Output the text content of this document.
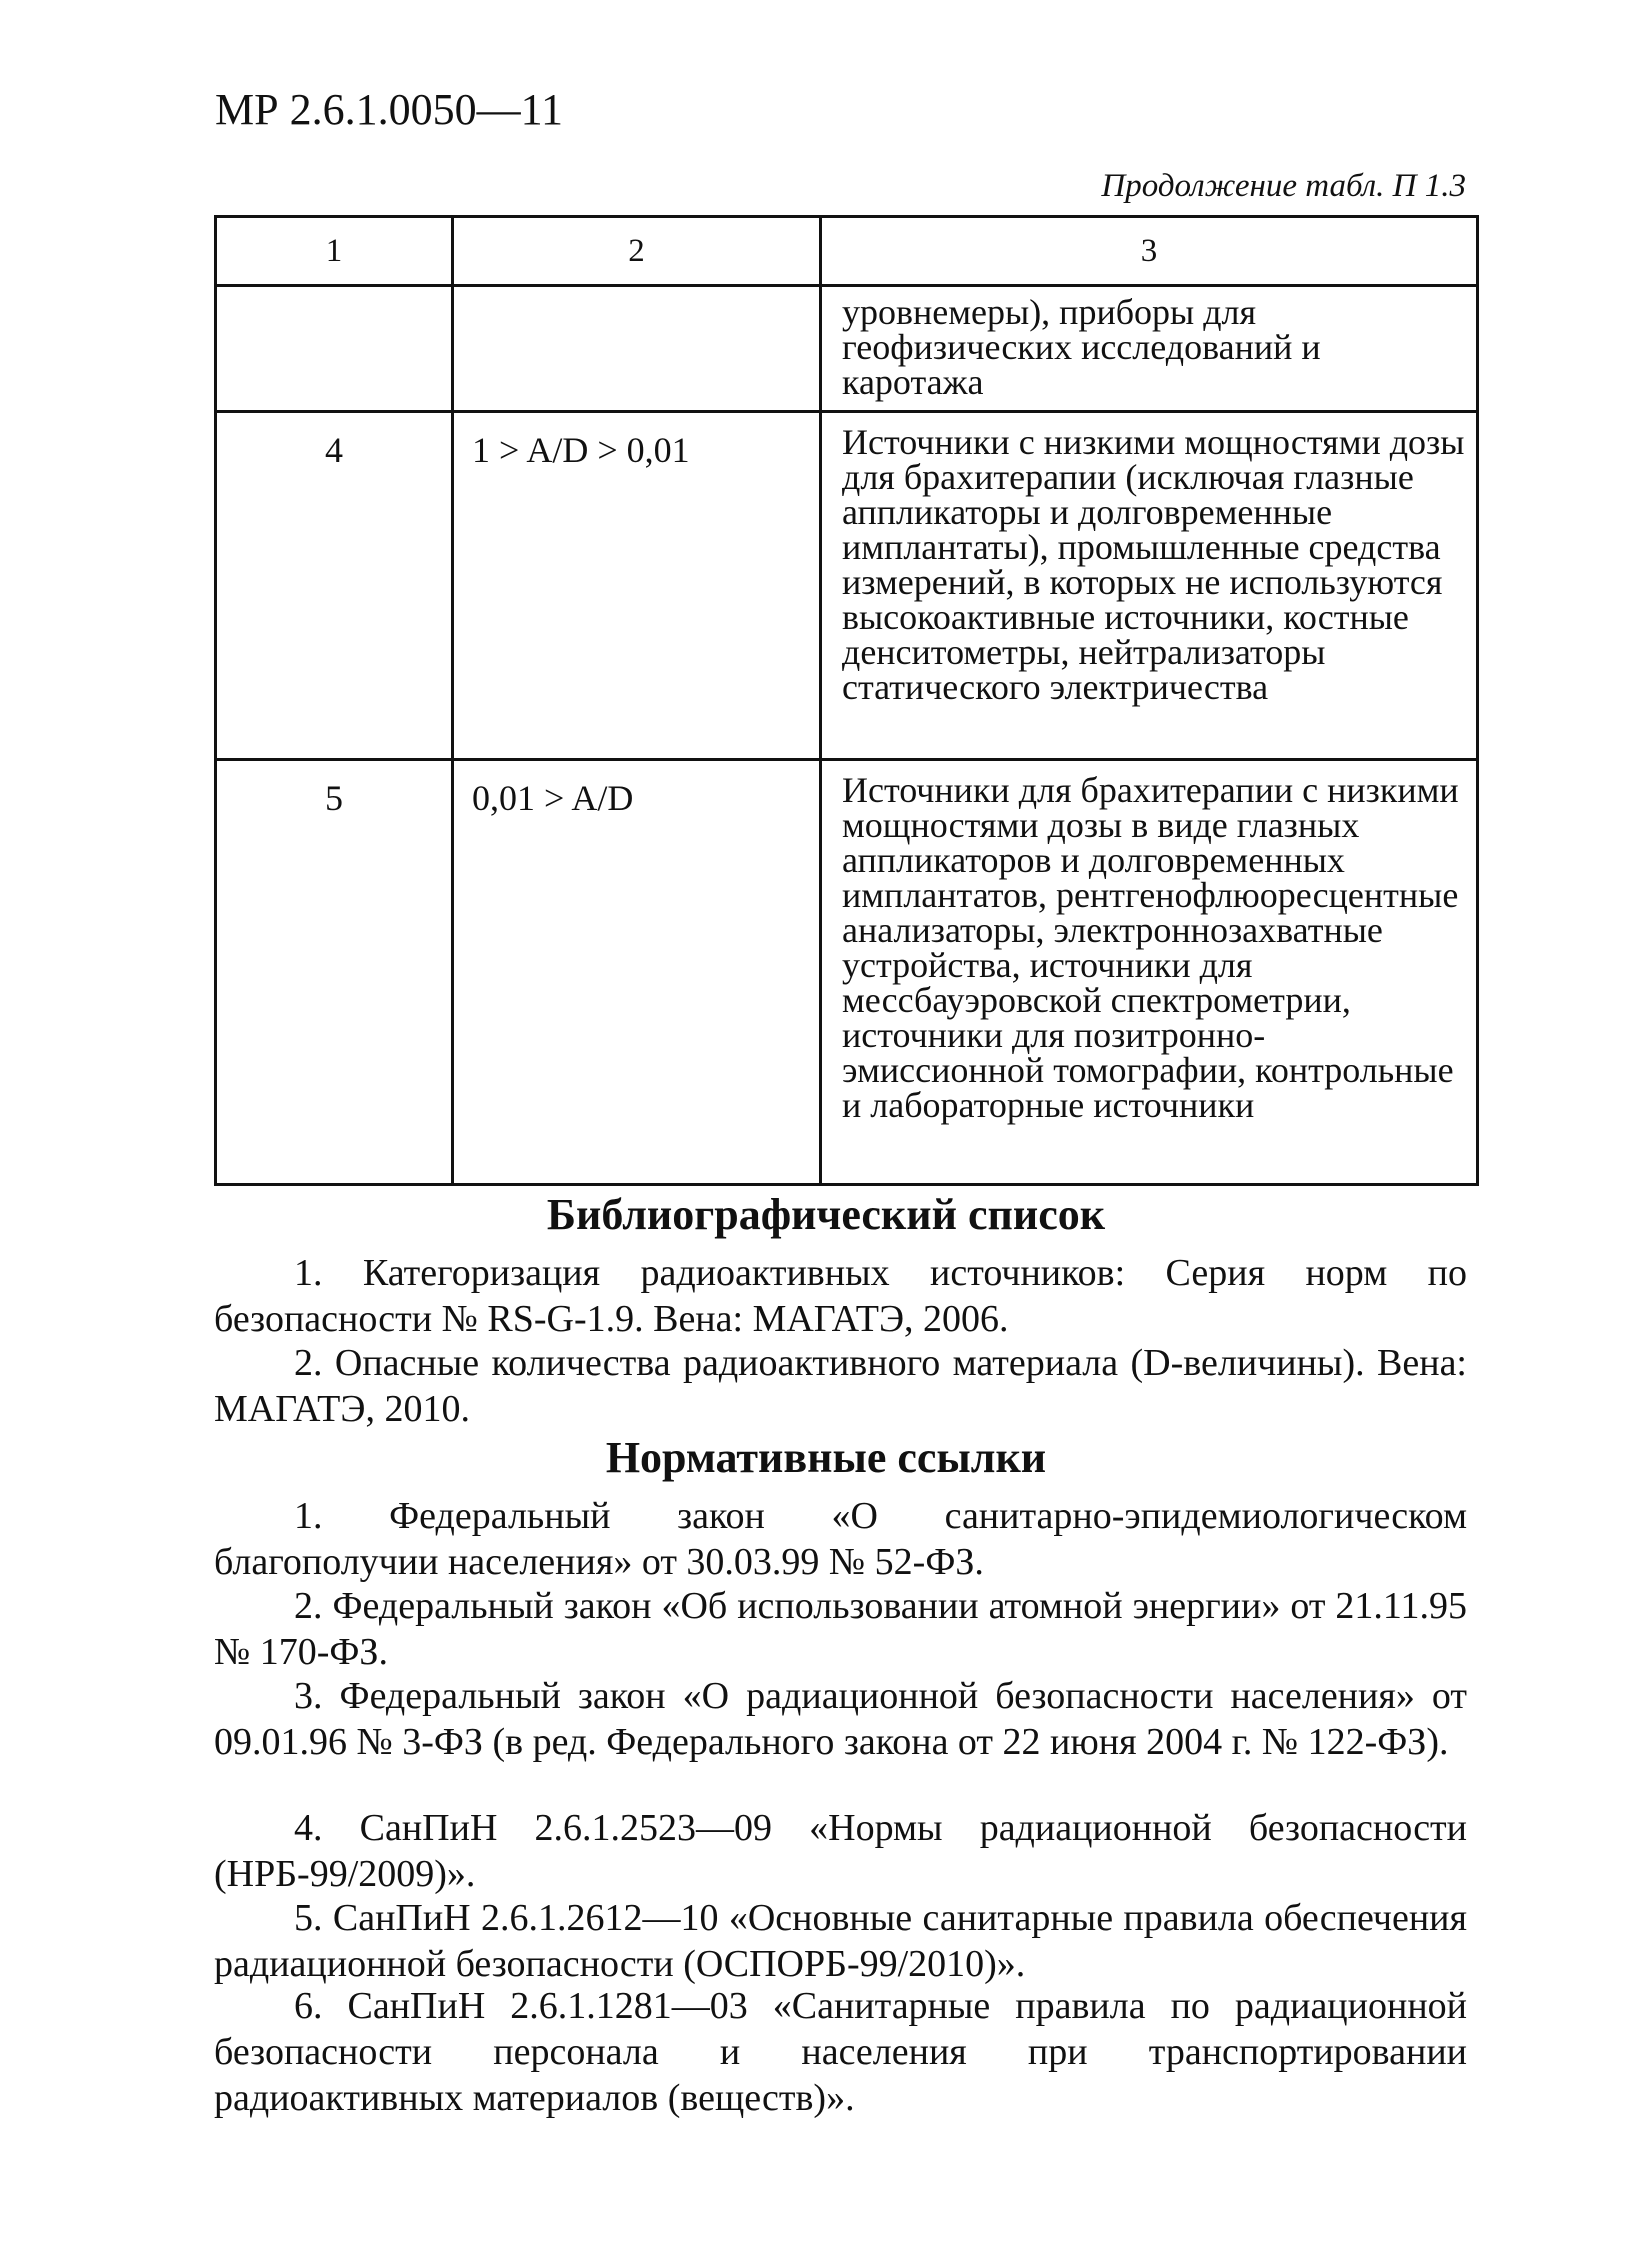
МР 2.6.1.0050—11
Продолжение табл. П 1.3
1	2	3

		уровнемеры), приборы для геофизических исследований и каротажа

4	1 > A/D > 0,01	Источники с низкими мощностями дозы для брахитерапии (исключая глазные аппликаторы и долговременные имплантаты), промышленные средства измерений, в которых не используются высокоактивные источники, костные денситометры, нейтрализаторы статического электричества

5	0,01 > A/D	Источники для брахитерапии с низкими мощностями дозы в виде глазных аппликаторов и долговременных имплантатов, рентгенофлюоресцентные анализаторы, электроннозахватные устройства, источники для мессбауэровской спектрометрии, источники для позитронно-эмиссионной томографии, контрольные и лабораторные источники
Библиографический список

1. Категоризация радиоактивных источников: Серия норм по безопасности № RS-G-1.9. Вена: МАГАТЭ, 2006.

2. Опасные количества радиоактивного материала (D-величины). Вена: МАГАТЭ, 2010.

Нормативные ссылки

1. Федеральный закон «О санитарно-эпидемиологическом благополучии населения» от 30.03.99 № 52-ФЗ.

2. Федеральный закон «Об использовании атомной энергии» от 21.11.95 № 170-ФЗ.

3. Федеральный закон «О радиационной безопасности населения» от 09.01.96 № 3-ФЗ (в ред. Федерального закона от 22 июня 2004 г. № 122-ФЗ).

4. СанПиН 2.6.1.2523—09 «Нормы радиационной безопасности (НРБ-99/2009)».

5. СанПиН 2.6.1.2612—10 «Основные санитарные правила обеспечения радиационной безопасности (ОСПОРБ-99/2010)».

6. СанПиН 2.6.1.1281—03 «Санитарные правила по радиационной безопасности персонала и населения при транспортировании радиоактивных материалов (веществ)».
